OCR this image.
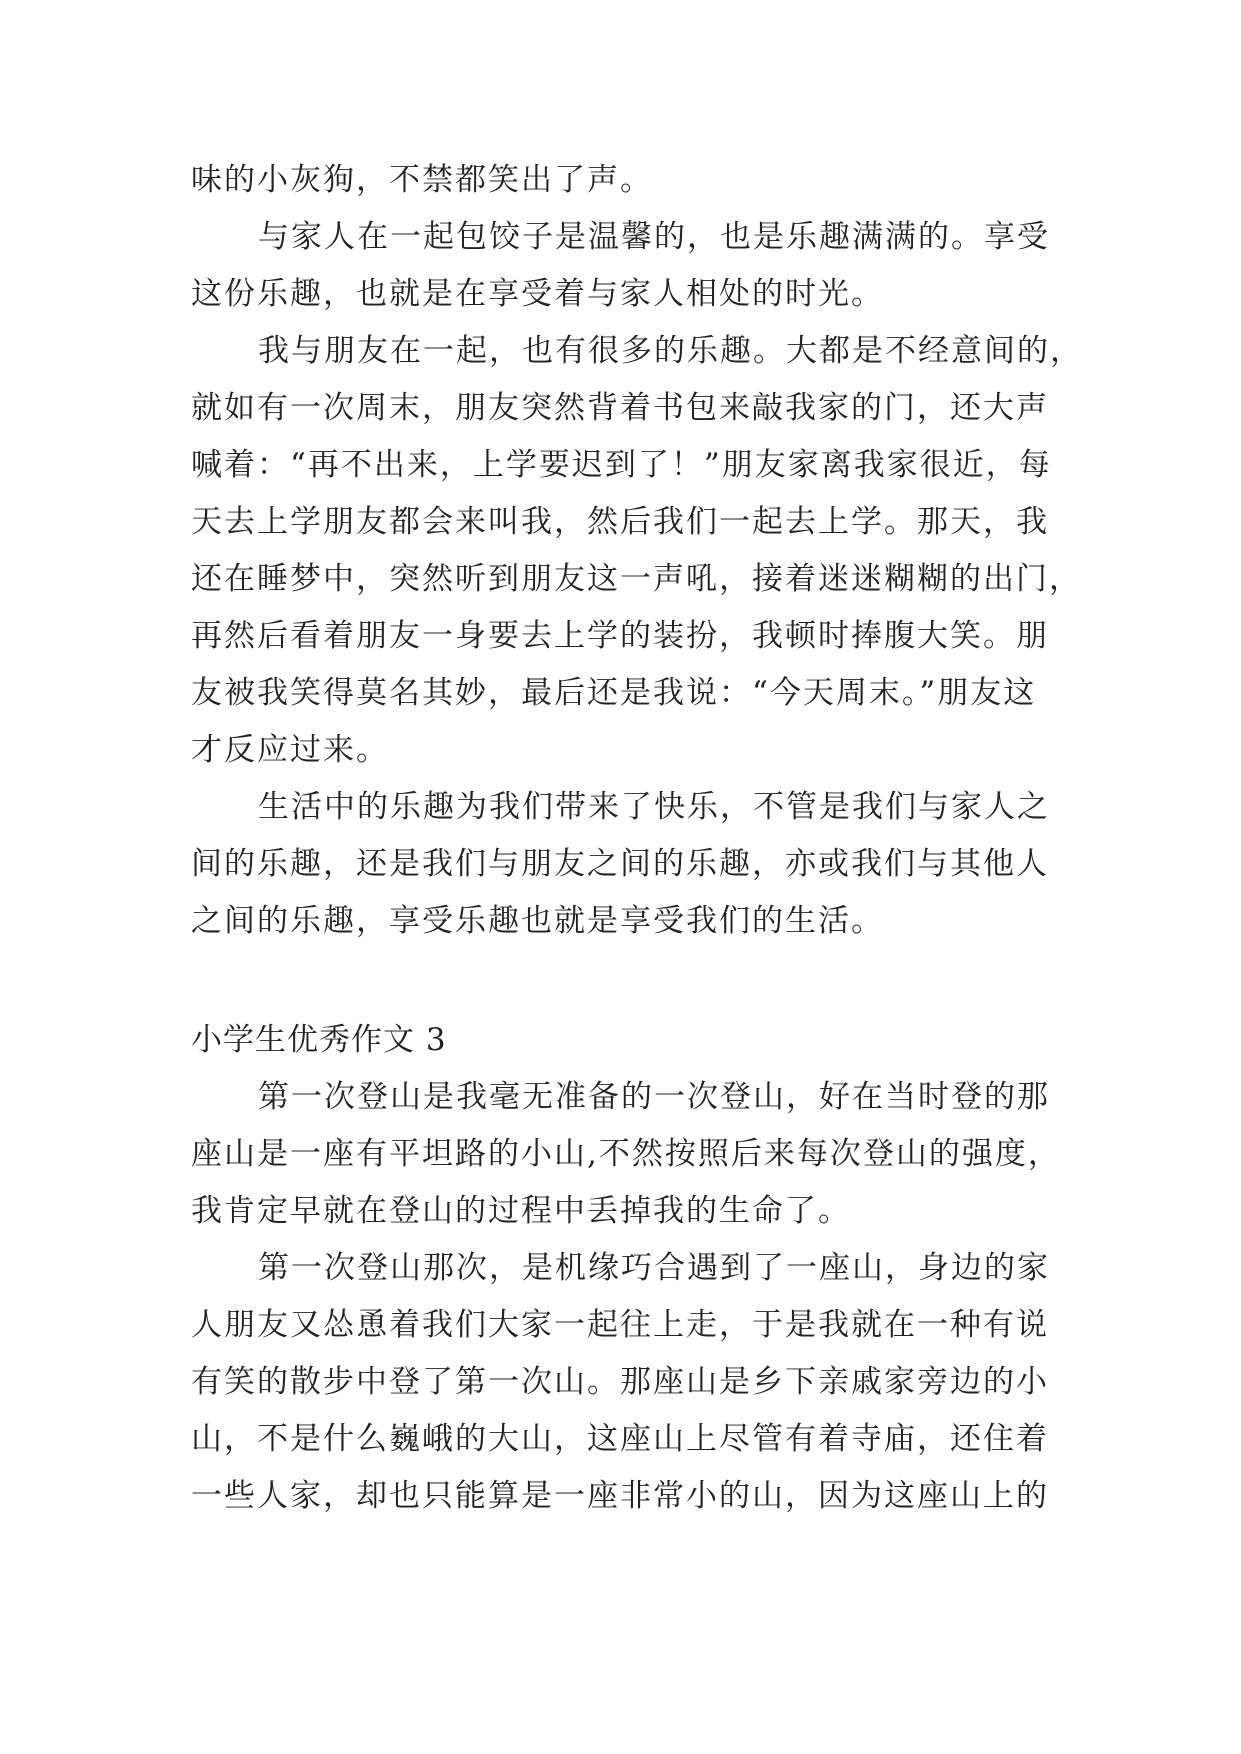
味的小灰狗，不禁都笑出了声。
与家人在一起包饺子是温馨的，也是乐趣满满的。享受
这份乐趣，也就是在享受着与家人相处的时光。
我与朋友在一起，也有很多的乐趣。大都是不经意间的，
就如有一次周末，朋友突然背着书包来敲我家的门，还大声
喊着：“再不出来，上学要迟到了！”朋友家离我家很近，每
天去上学朋友都会来叫我，然后我们一起去上学。那天，我
还在睡梦中，突然听到朋友这一声吼，接着迷迷糊糊的出门，
再然后看着朋友一身要去上学的装扮，我顿时捧腹大笑。朋
友被我笑得莫名其妙，最后还是我说：“今天周末。”朋友这
才反应过来。
生活中的乐趣为我们带来了快乐，不管是我们与家人之
间的乐趣，还是我们与朋友之间的乐趣，亦或我们与其他人
之间的乐趣，享受乐趣也就是享受我们的生活。
小学生优秀作文 3
第一次登山是我毫无准备的一次登山，好在当时登的那
座山是一座有平坦路的小山,不然按照后来每次登山的强度，
我肯定早就在登山的过程中丢掉我的生命了。
第一次登山那次，是机缘巧合遇到了一座山，身边的家
人朋友又怂恿着我们大家一起往上走，于是我就在一种有说
有笑的散步中登了第一次山。那座山是乡下亲戚家旁边的小
山，不是什么巍峨的大山，这座山上尽管有着寺庙，还住着
一些人家，却也只能算是一座非常小的山，因为这座山上的
